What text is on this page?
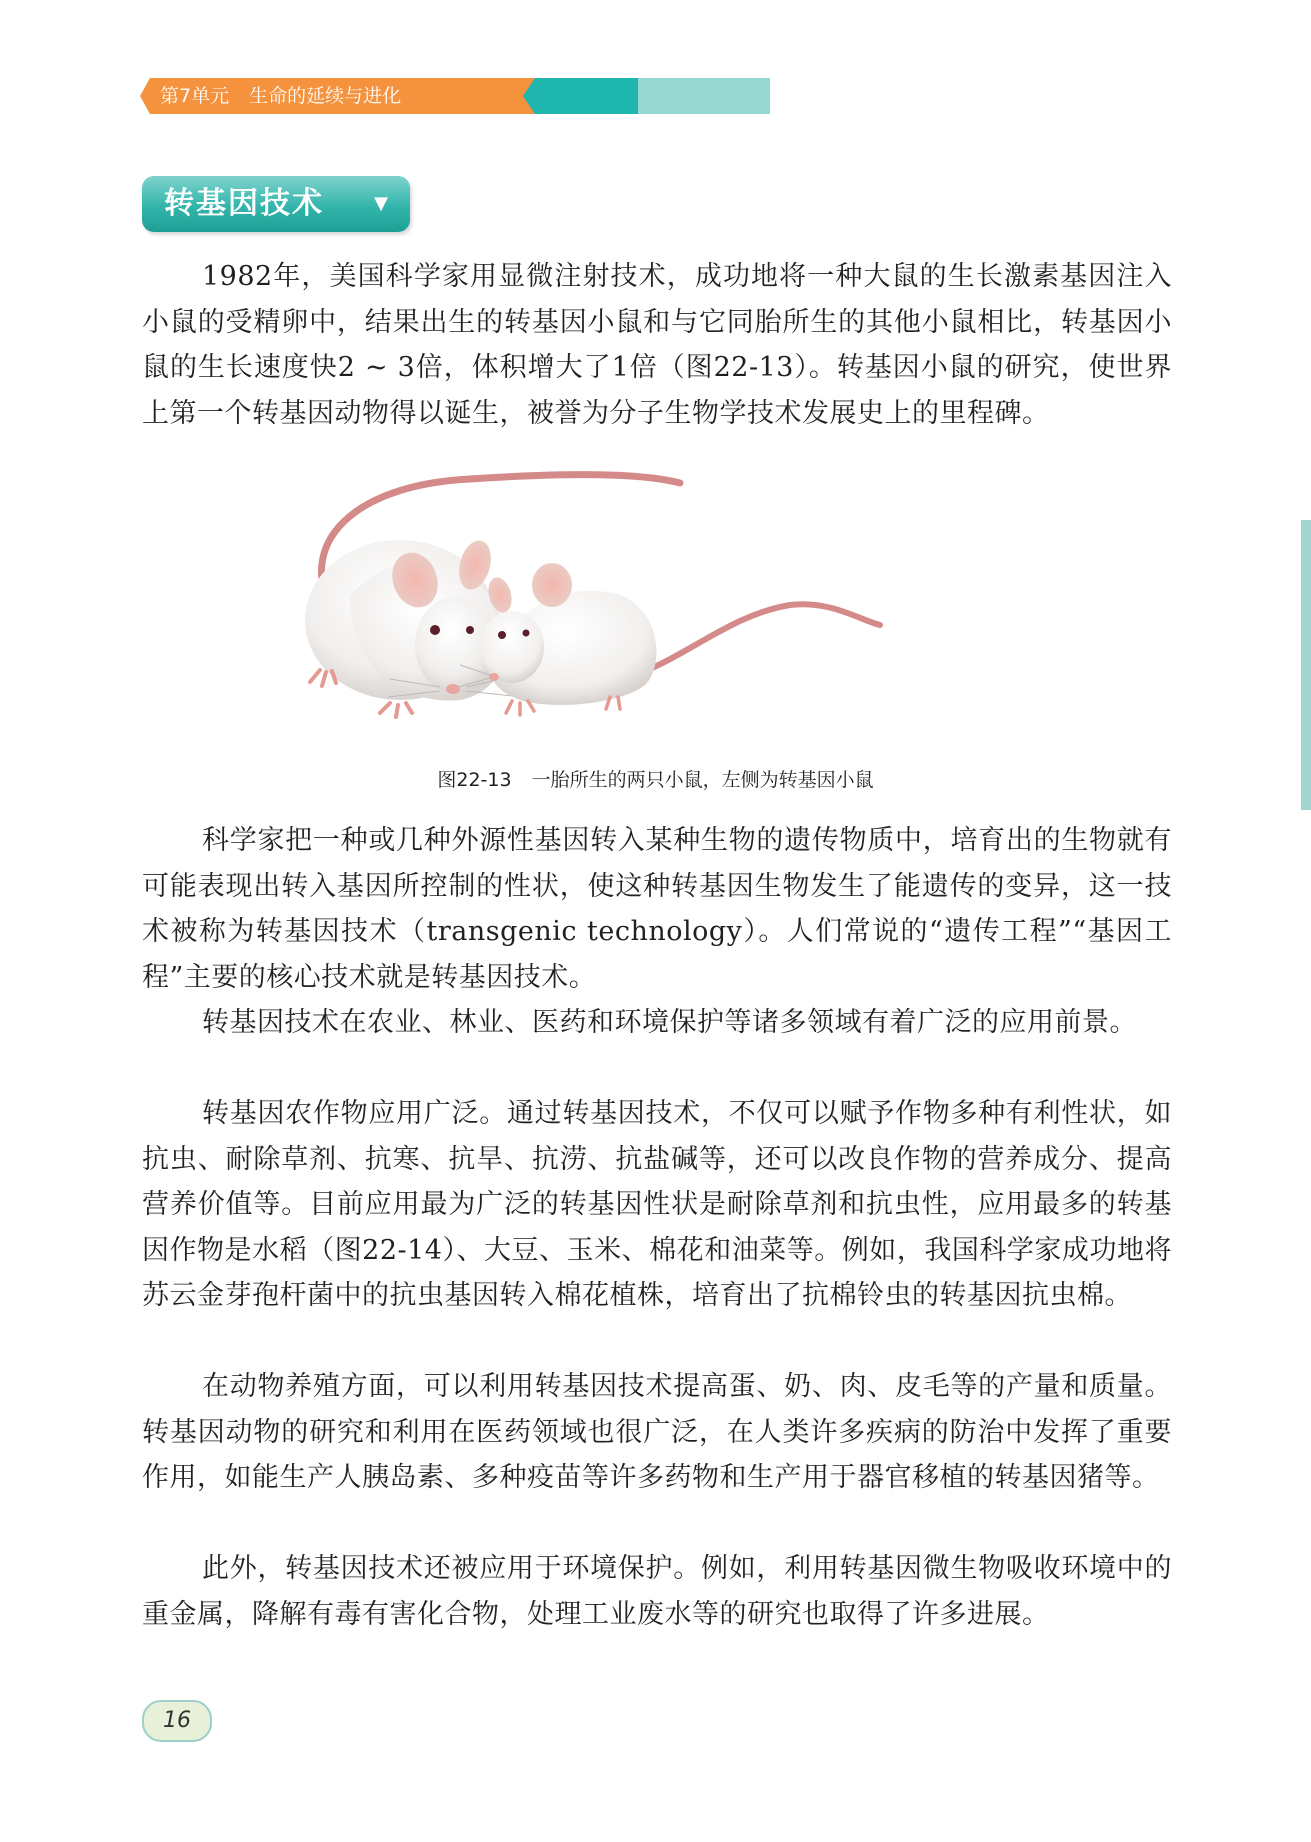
第7单元 生命的延续与进化
转基因技术	▼

1982年，美国科学家用显微注射技术，成功地将一种大鼠的生长激素基因注入小鼠的受精卵中，结果出生的转基因小鼠和与它同胎所生的其他小鼠相比，转基因小鼠的生长速度快2 ~ 3倍，体积增大了1倍（图22-13）。转基因小鼠的研究，使世界上第一个转基因动物得以诞生，被誉为分子生物学技术发展史上的里程碑。

图22-13 一胎所生的两只小鼠，左侧为转基因小鼠

科学家把一种或几种外源性基因转入某种生物的遗传物质中，培育出的生物就有可能表现出转入基因所控制的性状，使这种转基因生物发生了能遗传的变异，这一技术被称为转基因技术（transgenic technology）。人们常说的“遗传工程”“基因工程”主要的核心技术就是转基因技术。

转基因技术在农业、林业、医药和环境保护等诸多领域有着广泛的应用前景。

转基因农作物应用广泛。通过转基因技术，不仅可以赋予作物多种有利性状，如抗虫、耐除草剂、抗寒、抗旱、抗涝、抗盐碱等，还可以改良作物的营养成分、提高营养价值等。目前应用最为广泛的转基因性状是耐除草剂和抗虫性，应用最多的转基因作物是水稻（图22-14）、大豆、玉米、棉花和油菜等。例如，我国科学家成功地将苏云金芽孢杆菌中的抗虫基因转入棉花植株，培育出了抗棉铃虫的转基因抗虫棉。

在动物养殖方面，可以利用转基因技术提高蛋、奶、肉、皮毛等的产量和质量。转基因动物的研究和利用在医药领域也很广泛，在人类许多疾病的防治中发挥了重要作用，如能生产人胰岛素、多种疫苗等许多药物和生产用于器官移植的转基因猪等。

此外，转基因技术还被应用于环境保护。例如，利用转基因微生物吸收环境中的重金属，降解有毒有害化合物，处理工业废水等的研究也取得了许多进展。

16
